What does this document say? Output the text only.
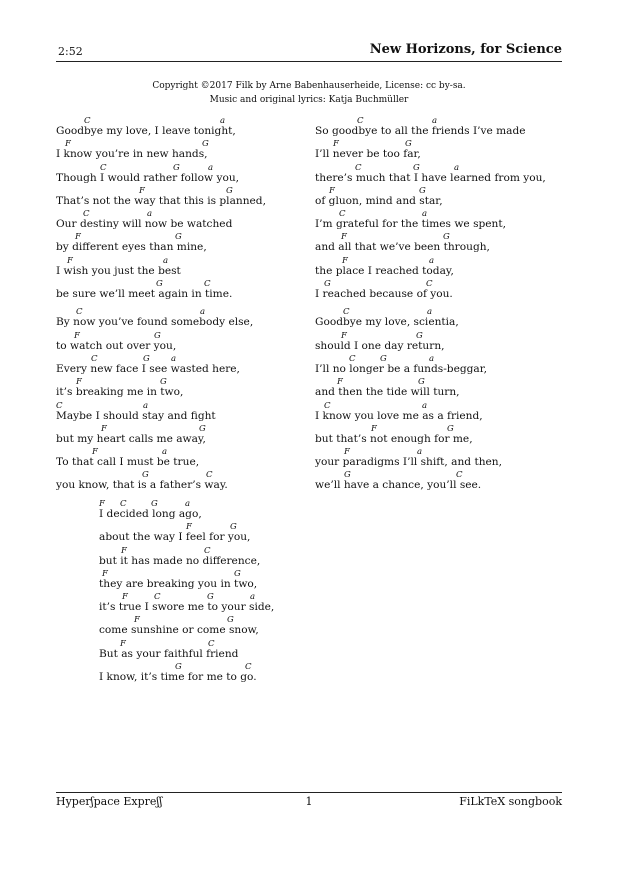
2:52	New Horizons, for Science
Copyright ©2017 Filk by Arne Babenhauserheide, License: cc by-sa.
Music and original lyrics: Katja Buchmüller
C	a
Goodbye my love, I leave tonight,
F	G
I know you’re in new hands,
C	G	a
Though I would rather follow you,
F	G
That’s not the way that this is planned,
C	a
Our destiny will now be watched
F	G
by different eyes than mine,
F	a
I wish you just the best
G	C
be sure we’ll meet again in time.
C	a
By now you’ve found somebody else,
F	G
to watch out over you,
C	G a
Every new face I see wasted here,
F	G
it’s breaking me in two,
C	a
Maybe I should stay and fight
F	G
but my heart calls me away,
F	a
To that call I must be true,
G	C
you know, that is a father’s way.
C	a
So goodbye to all the friends I’ve made
F	G
I’ll never be too far,
C	G	a
there’s much that I have learned from you,
F	G
of gluon, mind and star,
C	a
I’m grateful for the times we spent,
F	G
and all that we’ve been through,
F	a
the place I reached today,
G	C
I reached because of you.
C	a
Goodbye my love, scientia,
F	G
should I one day return,
C	G	a
I’ll no longer be a funds-beggar,
F	G
and then the tide will turn,
C	a
I know you love me as a friend,
F	G
but that’s not enough for me,
F	a
your paradigms I’ll shift, and then,
G	C
we’ll have a chance, you’ll see.
F C	G	a
I decided long ago,
F	G
about the way I feel for you,
F	C
but it has made no difference,
F	G
they are breaking you in two,
F	C	G	a
it’s true I swore me to your side,
F	G
come sunshine or come snow,
F	C
But as your faithful friend
G	C
I know, it’s time for me to go.
Hyperʃpace Expreʃʃ	1	FiLkTeX songbook
